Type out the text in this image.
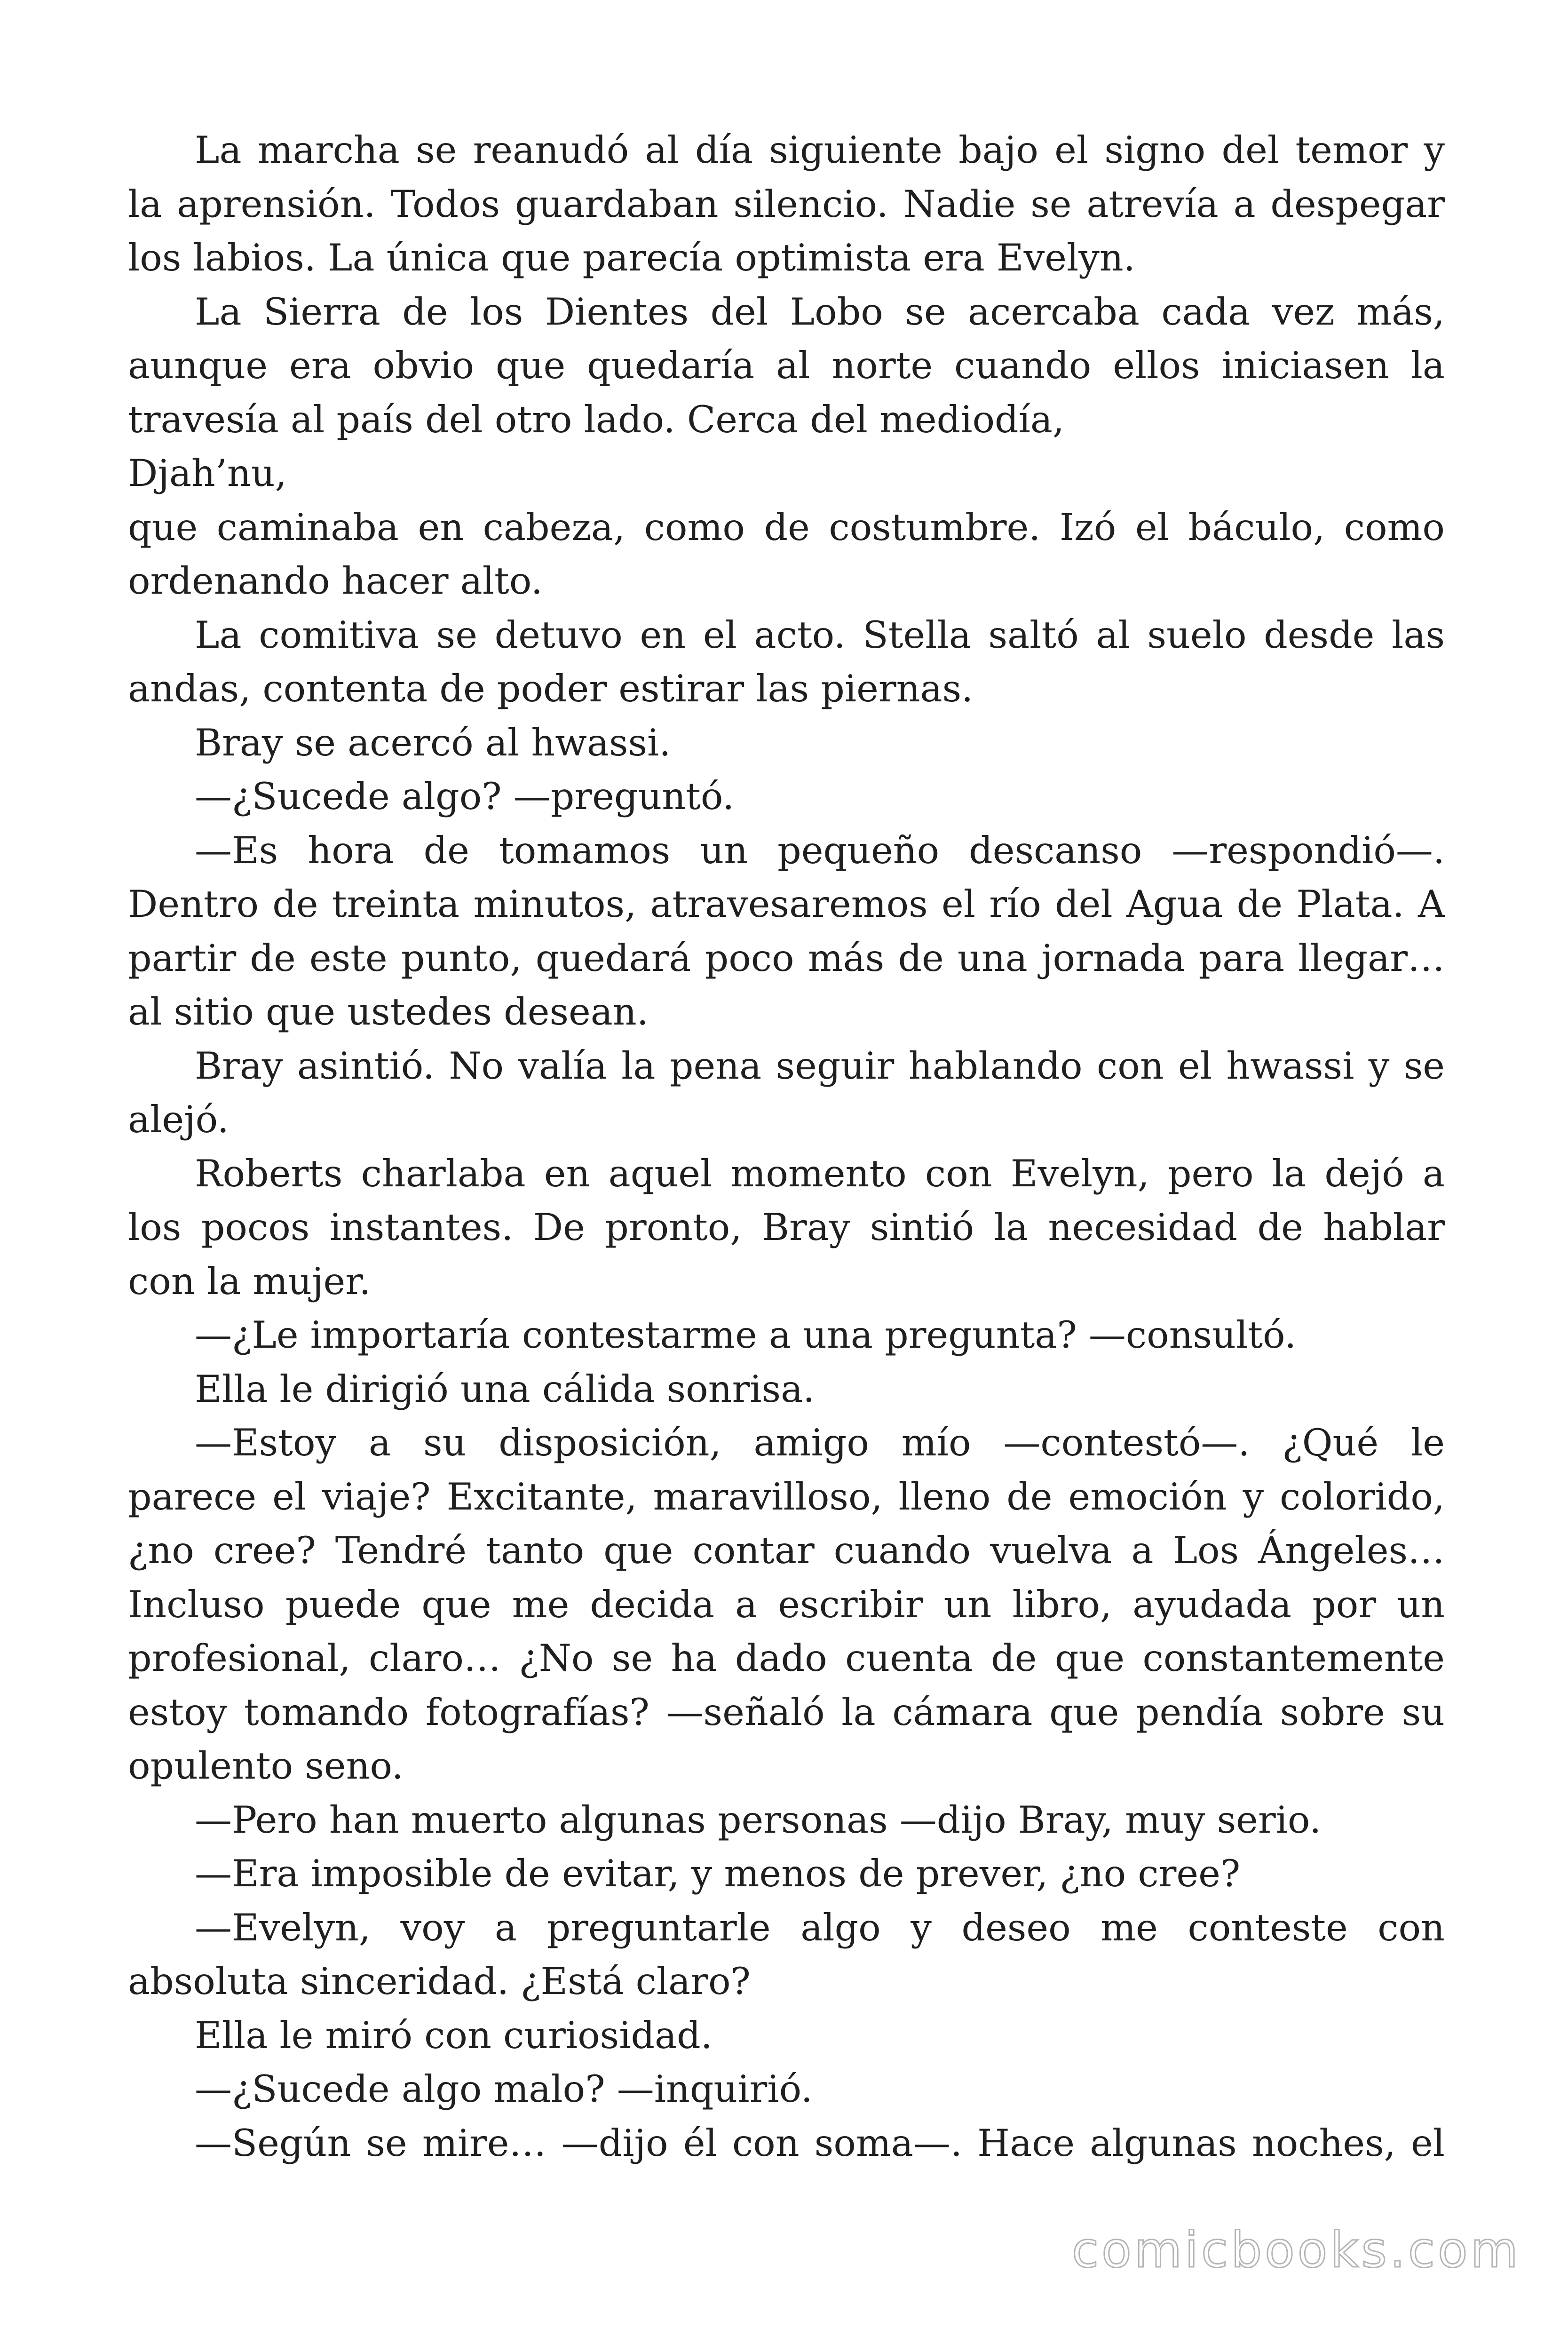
La marcha se reanudó al día siguiente bajo el signo del temor y
la aprensión. Todos guardaban silencio. Nadie se atrevía a despegar
los labios. La única que parecía optimista era Evelyn.
La Sierra de los Dientes del Lobo se acercaba cada vez más,
aunque era obvio que quedaría al norte cuando ellos iniciasen la
travesía al país del otro lado. Cerca del mediodía,
Djah’nu,
que caminaba en cabeza, como de costumbre. Izó el báculo, como
ordenando hacer alto.
La comitiva se detuvo en el acto. Stella saltó al suelo desde las
andas, contenta de poder estirar las piernas.
Bray se acercó al hwassi.
—¿Sucede algo? —preguntó.
—Es hora de tomamos un pequeño descanso —respondió—.
Dentro de treinta minutos, atravesaremos el río del Agua de Plata. A
partir de este punto, quedará poco más de una jornada para llegar…
al sitio que ustedes desean.
Bray asintió. No valía la pena seguir hablando con el hwassi y se
alejó.
Roberts charlaba en aquel momento con Evelyn, pero la dejó a
los pocos instantes. De pronto, Bray sintió la necesidad de hablar
con la mujer.
—¿Le importaría contestarme a una pregunta? —consultó.
Ella le dirigió una cálida sonrisa.
—Estoy a su disposición, amigo mío —contestó—. ¿Qué le
parece el viaje? Excitante, maravilloso, lleno de emoción y colorido,
¿no cree? Tendré tanto que contar cuando vuelva a Los Ángeles…
Incluso puede que me decida a escribir un libro, ayudada por un
profesional, claro… ¿No se ha dado cuenta de que constantemente
estoy tomando fotografías? —señaló la cámara que pendía sobre su
opulento seno.
—Pero han muerto algunas personas —dijo Bray, muy serio.
—Era imposible de evitar, y menos de prever, ¿no cree?
—Evelyn, voy a preguntarle algo y deseo me conteste con
absoluta sinceridad. ¿Está claro?
Ella le miró con curiosidad.
—¿Sucede algo malo? —inquirió.
—Según se mire… —dijo él con soma—. Hace algunas noches, el
comicbooks.com
